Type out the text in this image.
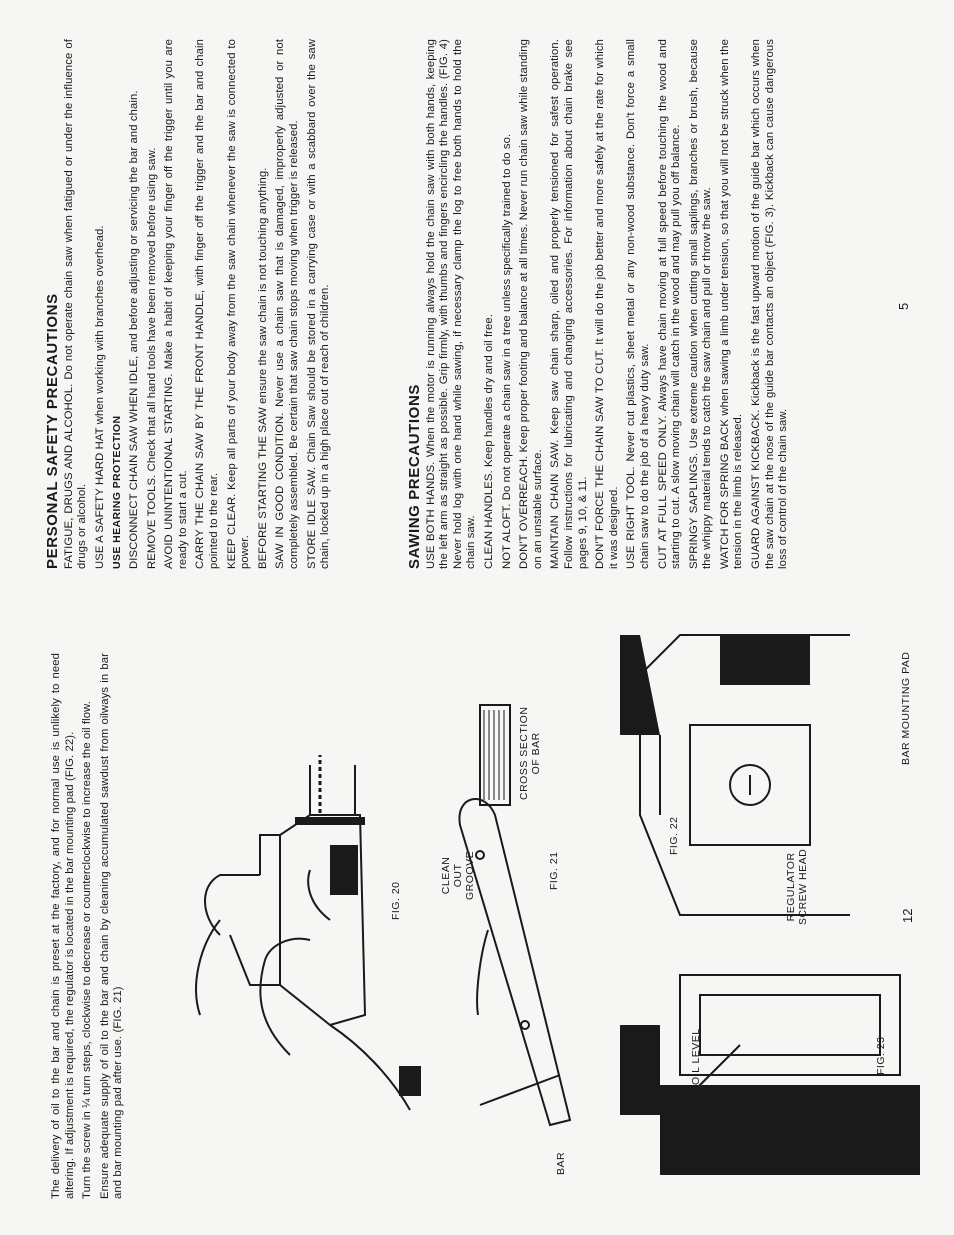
PERSONAL SAFETY PRECAUTIONS FATIGUE, DRUGS AND ALCOHOL. Do not operate chain saw when fatigued or under the influence of drugs or alcohol. USE A SAFETY HARD HAT when working with branches overhead. USE HEARING PROTECTION DISCONNECT CHAIN SAW WHEN IDLE, and before adjusting or servicing the bar and chain. REMOVE TOOLS. Check that all hand tools have been removed before using saw. AVOID UNINTENTIONAL STARTING. Make a habit of keeping your finger off the trigger until you are ready to start a cut. CARRY THE CHAIN SAW BY THE FRONT HANDLE, with finger off the trigger and the bar and chain pointed to the rear. KEEP CLEAR. Keep all parts of your body away from the saw chain whenever the saw is connected to power. BEFORE STARTING THE SAW ensure the saw chain is not touching anything. SAW IN GOOD CONDITION. Never use a chain saw that is damaged, improperly adjusted or not completely assembled. Be certain that saw chain stops moving when trigger is released. STORE IDLE SAW. Chain Saw should be stored in a carrying case or with a scabbard over the saw chain, locked up in a high place out of reach of children.	SAWING PRECAUTIONS USE BOTH HANDS. When the motor is running always hold the chain saw with both hands, keeping the left arm as straight as possible. Grip firmly, with thumbs and fingers encircling the handles. (FIG. 4) Never hold log with one hand while sawing, if necessary clamp the log to free both hands to hold the chain saw. CLEAN HANDLES. Keep handles dry and oil free. NOT ALOFT. Do not operate a chain saw in a tree unless specifically trained to do so. DON'T OVERREACH. Keep proper footing and balance at all times. Never run chain saw while standing on an unstable surface. MAINTAIN CHAIN SAW. Keep saw chain sharp, oiled and properly tensioned for safest operation. Follow instructions for lubricating and changing accessories. For information about chain brake see pages 9, 10, & 11. DON'T FORCE THE CHAIN SAW TO CUT. It will do the job better and more safely at the rate for which it was designed. USE RIGHT TOOL. Never cut plastics, sheet metal or any non-wood substance. Don't force a small chain saw to do the job of a heavy duty saw. CUT AT FULL SPEED ONLY. Always have chain moving at full speed before touching the wood and starting to cut. A slow moving chain will catch in the wood and may pull you off balance. SPRINGY SAPLINGS. Use extreme caution when cutting small saplings, branches or brush, because the whippy material tends to catch the saw chain and pull or throw the saw. WATCH FOR SPRING BACK when sawing a limb under tension, so that you will not be struck when the tension in the limb is released. GUARD AGAINST KICKBACK. Kickback is the fast upward motion of the guide bar which occurs when the saw chain at the nose of the guide bar contacts an object (FIG. 3). Kickback can cause dangerous loss of control of the chain saw.

5

The delivery of oil to the bar and chain is preset at the factory, and for normal use is unlikely to need altering. If adjustment is required, the regulator is located in the bar mounting pad (FIG. 22). Turn the screw in ¼ turn steps, clockwise to decrease or counterclockwise to increase the oil flow. Ensure adequate supply of oil to the bar and chain by cleaning accumulated sawdust from oilways in bar and bar mounting pad after use. (FIG. 21)

FIG. 20
BAR
CLEAN
OUT
GROOVE
CROSS SECTION
OF BAR
FIG. 21
FIG. 22
REGULATOR
SCREW HEAD
BAR MOUNTING PAD
OIL LEVEL	FIG. 23
12
